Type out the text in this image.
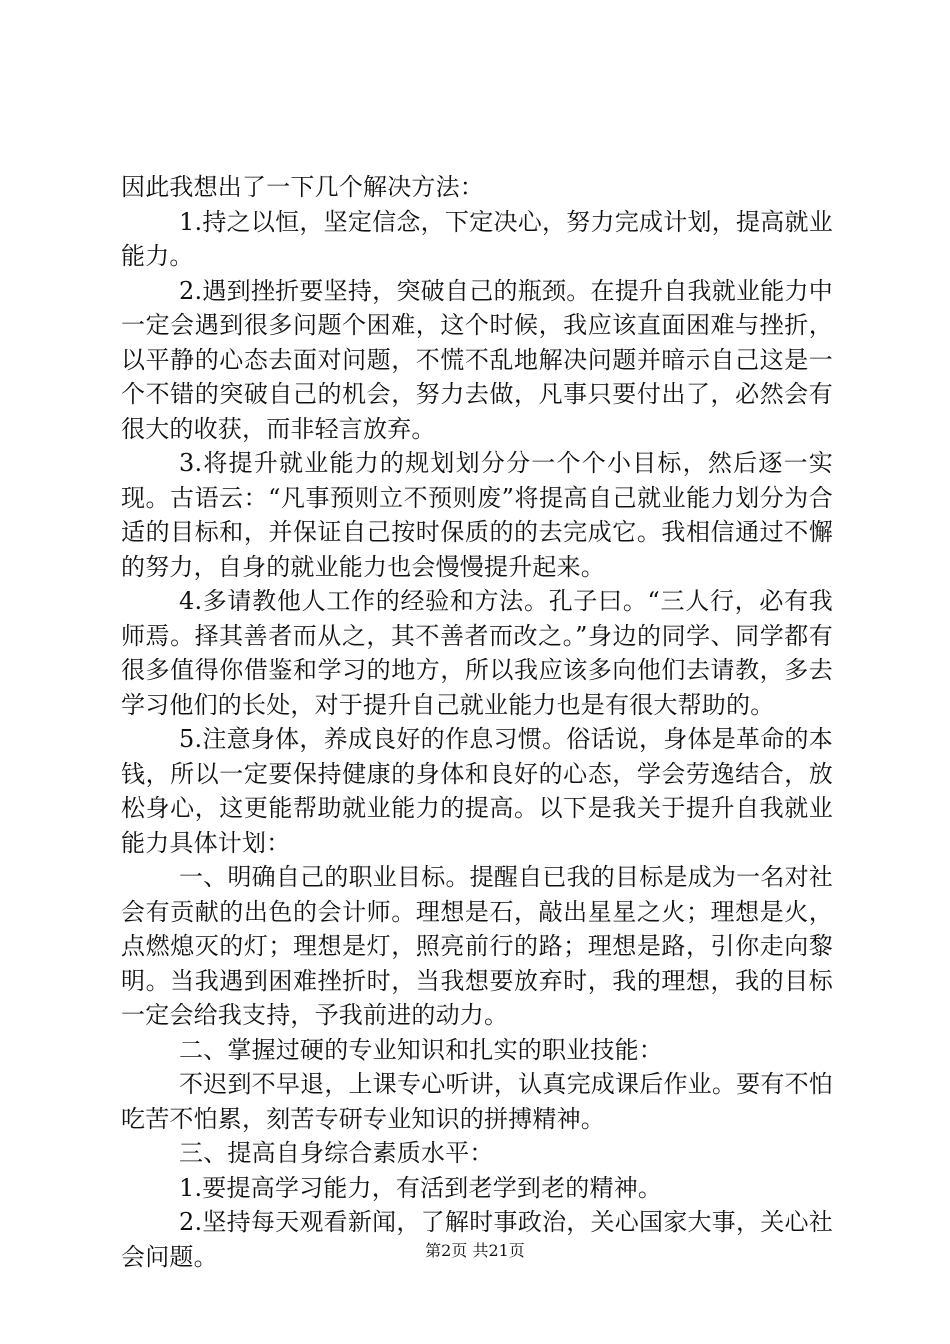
因此我想出了一下几个解决方法：

1.持之以恒，坚定信念，下定决心，努力完成计划，提高就业能力。

2.遇到挫折要坚持，突破自己的瓶颈。在提升自我就业能力中一定会遇到很多问题个困难，这个时候，我应该直面困难与挫折，以平静的心态去面对问题，不慌不乱地解决问题并暗示自己这是一个不错的突破自己的机会，努力去做，凡事只要付出了，必然会有很大的收获，而非轻言放弃。

3.将提升就业能力的规划划分分一个个小目标，然后逐一实现。古语云：“凡事预则立不预则废”将提高自己就业能力划分为合适的目标和，并保证自己按时保质的的去完成它。我相信通过不懈的努力，自身的就业能力也会慢慢提升起来。

4.多请教他人工作的经验和方法。孔子曰。“三人行，必有我师焉。择其善者而从之，其不善者而改之。”身边的同学、同学都有很多值得你借鉴和学习的地方，所以我应该多向他们去请教，多去学习他们的长处，对于提升自己就业能力也是有很大帮助的。

5.注意身体，养成良好的作息习惯。俗话说，身体是革命的本钱，所以一定要保持健康的身体和良好的心态，学会劳逸结合，放松身心，这更能帮助就业能力的提高。以下是我关于提升自我就业能力具体计划：

一、明确自己的职业目标。提醒自已我的目标是成为一名对社会有贡献的出色的会计师。理想是石，敲出星星之火；理想是火，点燃熄灭的灯；理想是灯，照亮前行的路；理想是路，引你走向黎明。当我遇到困难挫折时，当我想要放弃时，我的理想，我的目标一定会给我支持，予我前进的动力。

二、掌握过硬的专业知识和扎实的职业技能：

不迟到不早退，上课专心听讲，认真完成课后作业。要有不怕吃苦不怕累，刻苦专研专业知识的拼搏精神。

三、提高自身综合素质水平：

1.要提高学习能力，有活到老学到老的精神。

2.坚持每天观看新闻，了解时事政治，关心国家大事，关心社会问题。	第2页 共21页
